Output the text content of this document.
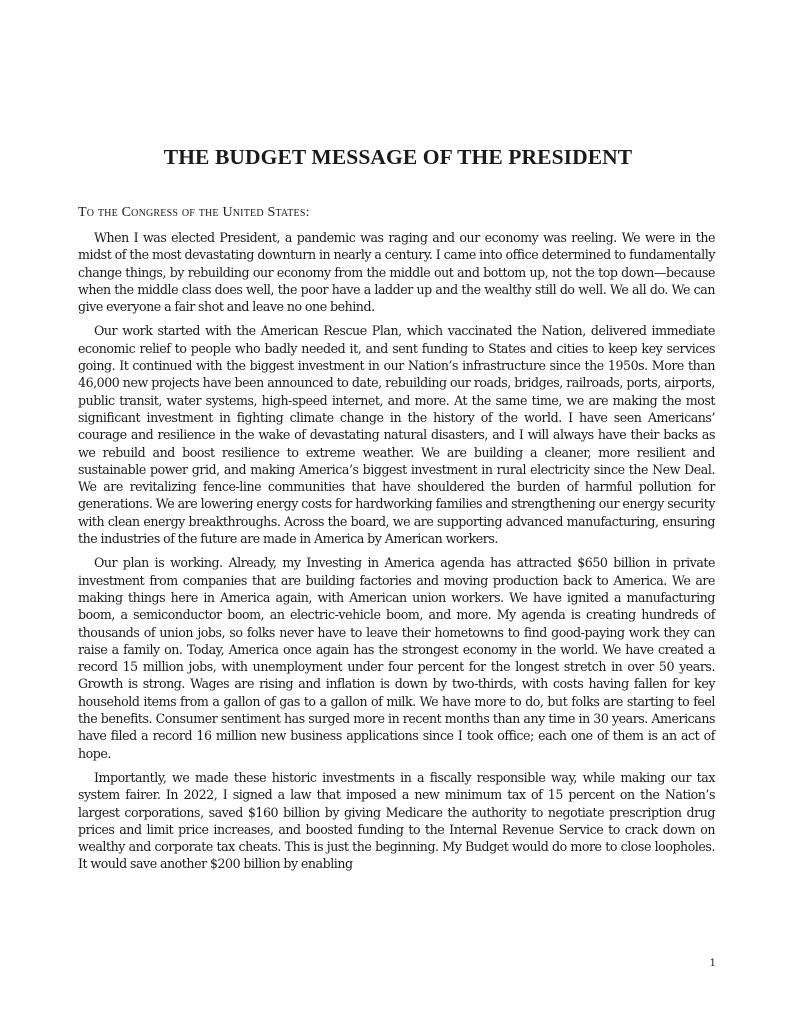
THE BUDGET MESSAGE OF THE PRESIDENT

To the Congress of the United States:

When I was elected President, a pandemic was raging and our economy was reeling. We were in the midst of the most devastating downturn in nearly a century. I came into office determined to fundamentally change things, by rebuilding our economy from the middle out and bottom up, not the top down—because when the middle class does well, the poor have a ladder up and the wealthy still do well. We all do. We can give everyone a fair shot and leave no one behind.

Our work started with the American Rescue Plan, which vaccinated the Nation, delivered immediate economic relief to people who badly needed it, and sent funding to States and cities to keep key services going. It continued with the biggest investment in our Nation’s infrastructure since the 1950s. More than 46,000 new projects have been announced to date, rebuilding our roads, bridges, railroads, ports, airports, public transit, water systems, high-speed internet, and more. At the same time, we are making the most significant investment in fighting climate change in the history of the world. I have seen Americans’ courage and resilience in the wake of devastating natural disasters, and I will always have their backs as we rebuild and boost resilience to extreme weather. We are building a cleaner, more resilient and sustainable power grid, and making America’s biggest investment in rural electricity since the New Deal. We are revitalizing fence-line communities that have shouldered the burden of harmful pollution for generations. We are lowering energy costs for hardworking families and strengthening our energy security with clean energy breakthroughs. Across the board, we are supporting advanced manufacturing, ensuring the industries of the future are made in America by American workers.

Our plan is working. Already, my Investing in America agenda has attracted $650 billion in private investment from companies that are building factories and moving production back to America. We are making things here in America again, with American union workers. We have ignited a manufacturing boom, a semiconductor boom, an electric-vehicle boom, and more. My agenda is creating hundreds of thousands of union jobs, so folks never have to leave their hometowns to find good-paying work they can raise a family on. Today, America once again has the strongest economy in the world. We have created a record 15 million jobs, with unemployment under four percent for the longest stretch in over 50 years. Growth is strong. Wages are rising and inflation is down by two-thirds, with costs having fallen for key household items from a gallon of gas to a gallon of milk. We have more to do, but folks are starting to feel the benefits. Consumer sentiment has surged more in recent months than any time in 30 years. Americans have filed a record 16 million new business applications since I took office; each one of them is an act of hope.

Importantly, we made these historic investments in a fiscally responsible way, while making our tax system fairer. In 2022, I signed a law that imposed a new minimum tax of 15 percent on the Nation’s largest corporations, saved $160 billion by giving Medicare the authority to negotiate prescription drug prices and limit price increases, and boosted funding to the Internal Revenue Service to crack down on wealthy and corporate tax cheats. This is just the beginning. My Budget would do more to close loopholes. It would save another $200 billion by enabling

1
